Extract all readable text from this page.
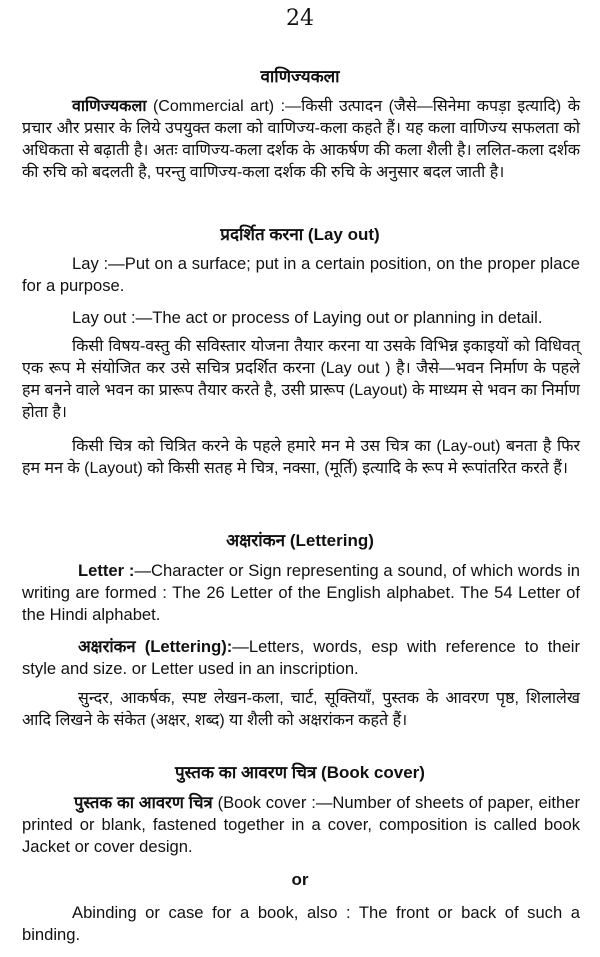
24
वाणिज्यकला
वाणिज्यकला (Commercial art) :—किसी उत्पादन (जैसे—सिनेमा कपड़ा इत्यादि) के प्रचार और प्रसार के लिये उपयुक्त कला को वाणिज्य-कला कहते हैं। यह कला वाणिज्य सफलता को अधिकता से बढ़ाती है। अतः वाणिज्य-कला दर्शक के आकर्षण की कला शैली है। ललित-कला दर्शक की रुचि को बदलती है, परन्तु वाणिज्य-कला दर्शक की रुचि के अनुसार बदल जाती है।
प्रदर्शित करना (Lay out)
Lay :—Put on a surface; put in a certain position, on the proper place for a purpose.
Lay out :—The act or process of Laying out or planning in detail.
किसी विषय-वस्तु की सविस्तार योजना तैयार करना या उसके विभिन्न इकाइयों को विधिवत् एक रूप मे संयोजित कर उसे सचित्र प्रदर्शित करना (Lay out ) है। जैसे—भवन निर्माण के पहले हम बनने वाले भवन का प्रारूप तैयार करते है, उसी प्रारूप (Layout) के माध्यम से भवन का निर्माण होता है।
किसी चित्र को चित्रित करने के पहले हमारे मन मे उस चित्र का (Lay-out) बनता है फिर हम मन के (Layout) को किसी सतह मे चित्र, नक्सा, (मूर्ति) इत्यादि के रूप मे रूपांतरित करते हैं।
अक्षरांकन (Lettering)
Letter :—Character or Sign representing a sound, of which words in writing are formed : The 26 Letter of the English alphabet. The 54 Letter of the Hindi alphabet.
अक्षरांकन (Lettering):—Letters, words, esp with reference to their style and size. or Letter used in an inscription.
सुन्दर, आकर्षक, स्पष्ट लेखन-कला, चार्ट, सूक्तियाँ, पुस्तक के आवरण पृष्ठ, शिलालेख आदि लिखने के संकेत (अक्षर, शब्द) या शैली को अक्षरांकन कहते हैं।
पुस्तक का आवरण चित्र (Book cover)
पुस्तक का आवरण चित्र (Book cover :—Number of sheets of paper, either printed or blank, fastened together in a cover, composition is called book Jacket or cover design.
or
Abinding or case for a book, also : The front or back of such a binding.
